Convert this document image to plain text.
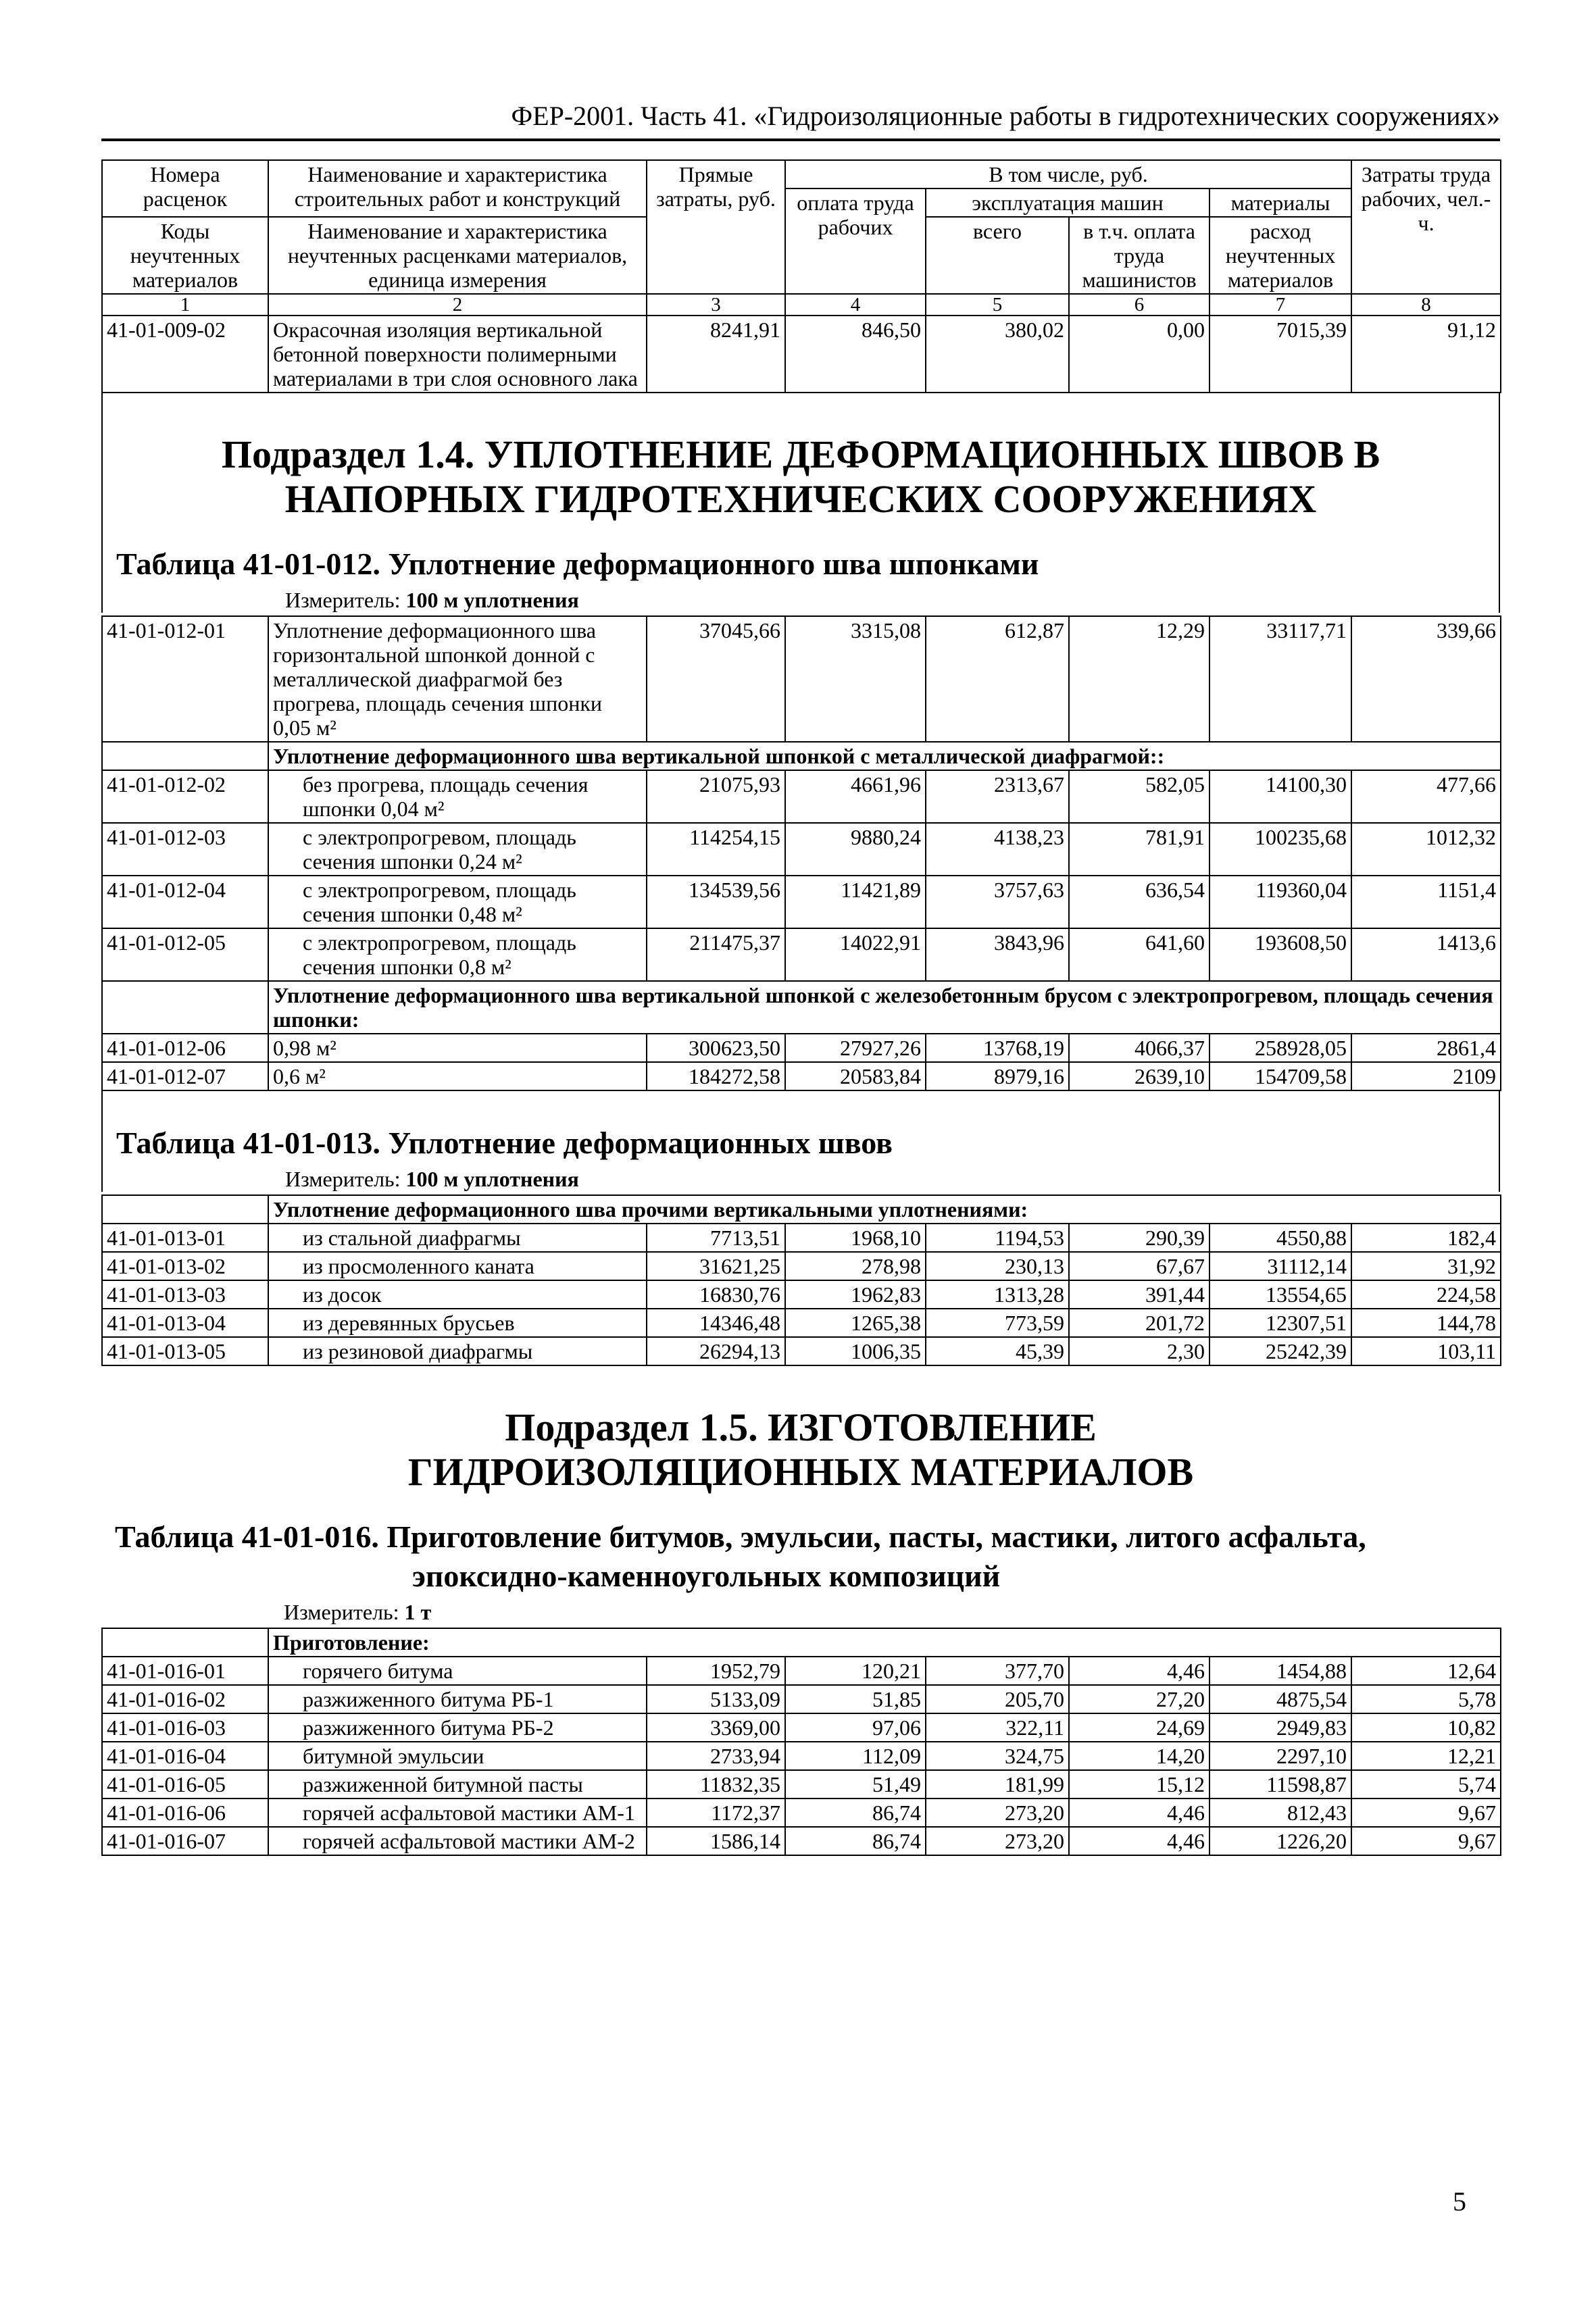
ФЕР-2001. Часть 41. «Гидроизоляционные работы в гидротехнических сооружениях»
Номера расценок	Наименование и характеристика строительных работ и конструкций	Прямые затраты, руб.	В том числе, руб.				Затраты труда рабочих, чел.-ч.
			оплата труда рабочих	эксплуатация машин		материалы	
Коды неучтенных материалов	Наименование и характеристика неучтенных расценками материалов, единица измерения			всего	в т.ч. оплата труда машинистов	расход неучтенных материалов	

1	2	3	4	5	6	7	8
41-01-009-02	Окрасочная изоляция вертикальной бетонной поверхности полимерными материалами в три слоя основного лака	8241,91	846,50	380,02	0,00	7015,39	91,12
Подраздел 1.4. УПЛОТНЕНИЕ ДЕФОРМАЦИОННЫХ ШВОВ В НАПОРНЫХ ГИДРОТЕХНИЧЕСКИХ СООРУЖЕНИЯХ
Таблица 41-01-012. Уплотнение деформационного шва шпонками
Измеритель: 100 м уплотнения
41-01-012-01	Уплотнение деформационного шва горизонтальной шпонкой донной с металлической диафрагмой без прогрева, площадь сечения шпонки 0,05 м²	37045,66	3315,08	612,87	12,29	33117,71	339,66
	Уплотнение деформационного шва вертикальной шпонкой с металлической диафрагмой::						
41-01-012-02	без прогрева, площадь сечения шпонки 0,04 м²	21075,93	4661,96	2313,67	582,05	14100,30	477,66
41-01-012-03	с электропрогревом, площадь сечения шпонки 0,24 м²	114254,15	9880,24	4138,23	781,91	100235,68	1012,32
41-01-012-04	с электропрогревом, площадь сечения шпонки 0,48 м²	134539,56	11421,89	3757,63	636,54	119360,04	1151,4
41-01-012-05	с электропрогревом, площадь сечения шпонки 0,8 м²	211475,37	14022,91	3843,96	641,60	193608,50	1413,6
	Уплотнение деформационного шва вертикальной шпонкой с железобетонным брусом с электропрогревом, площадь сечения шпонки:						
41-01-012-06	0,98 м²	300623,50	27927,26	13768,19	4066,37	258928,05	2861,4
41-01-012-07	0,6 м²	184272,58	20583,84	8979,16	2639,10	154709,58	2109
Таблица 41-01-013. Уплотнение деформационных швов
Измеритель: 100 м уплотнения
	Уплотнение деформационного шва прочими вертикальными уплотнениями:						
41-01-013-01	из стальной диафрагмы	7713,51	1968,10	1194,53	290,39	4550,88	182,4
41-01-013-02	из просмоленного каната	31621,25	278,98	230,13	67,67	31112,14	31,92
41-01-013-03	из досок	16830,76	1962,83	1313,28	391,44	13554,65	224,58
41-01-013-04	из деревянных брусьев	14346,48	1265,38	773,59	201,72	12307,51	144,78
41-01-013-05	из резиновой диафрагмы	26294,13	1006,35	45,39	2,30	25242,39	103,11
Подраздел 1.5. ИЗГОТОВЛЕНИЕ ГИДРОИЗОЛЯЦИОННЫХ МАТЕРИАЛОВ
Таблица 41-01-016. Приготовление битумов, эмульсии, пасты, мастики, литого асфальта,
эпоксидно-каменноугольных композиций
Измеритель: 1 т
	Приготовление:						
41-01-016-01	горячего битума	1952,79	120,21	377,70	4,46	1454,88	12,64
41-01-016-02	разжиженного битума РБ-1	5133,09	51,85	205,70	27,20	4875,54	5,78
41-01-016-03	разжиженного битума РБ-2	3369,00	97,06	322,11	24,69	2949,83	10,82
41-01-016-04	битумной эмульсии	2733,94	112,09	324,75	14,20	2297,10	12,21
41-01-016-05	разжиженной битумной пасты	11832,35	51,49	181,99	15,12	11598,87	5,74
41-01-016-06	горячей асфальтовой мастики АМ-1	1172,37	86,74	273,20	4,46	812,43	9,67
41-01-016-07	горячей асфальтовой мастики АМ-2	1586,14	86,74	273,20	4,46	1226,20	9,67
5
